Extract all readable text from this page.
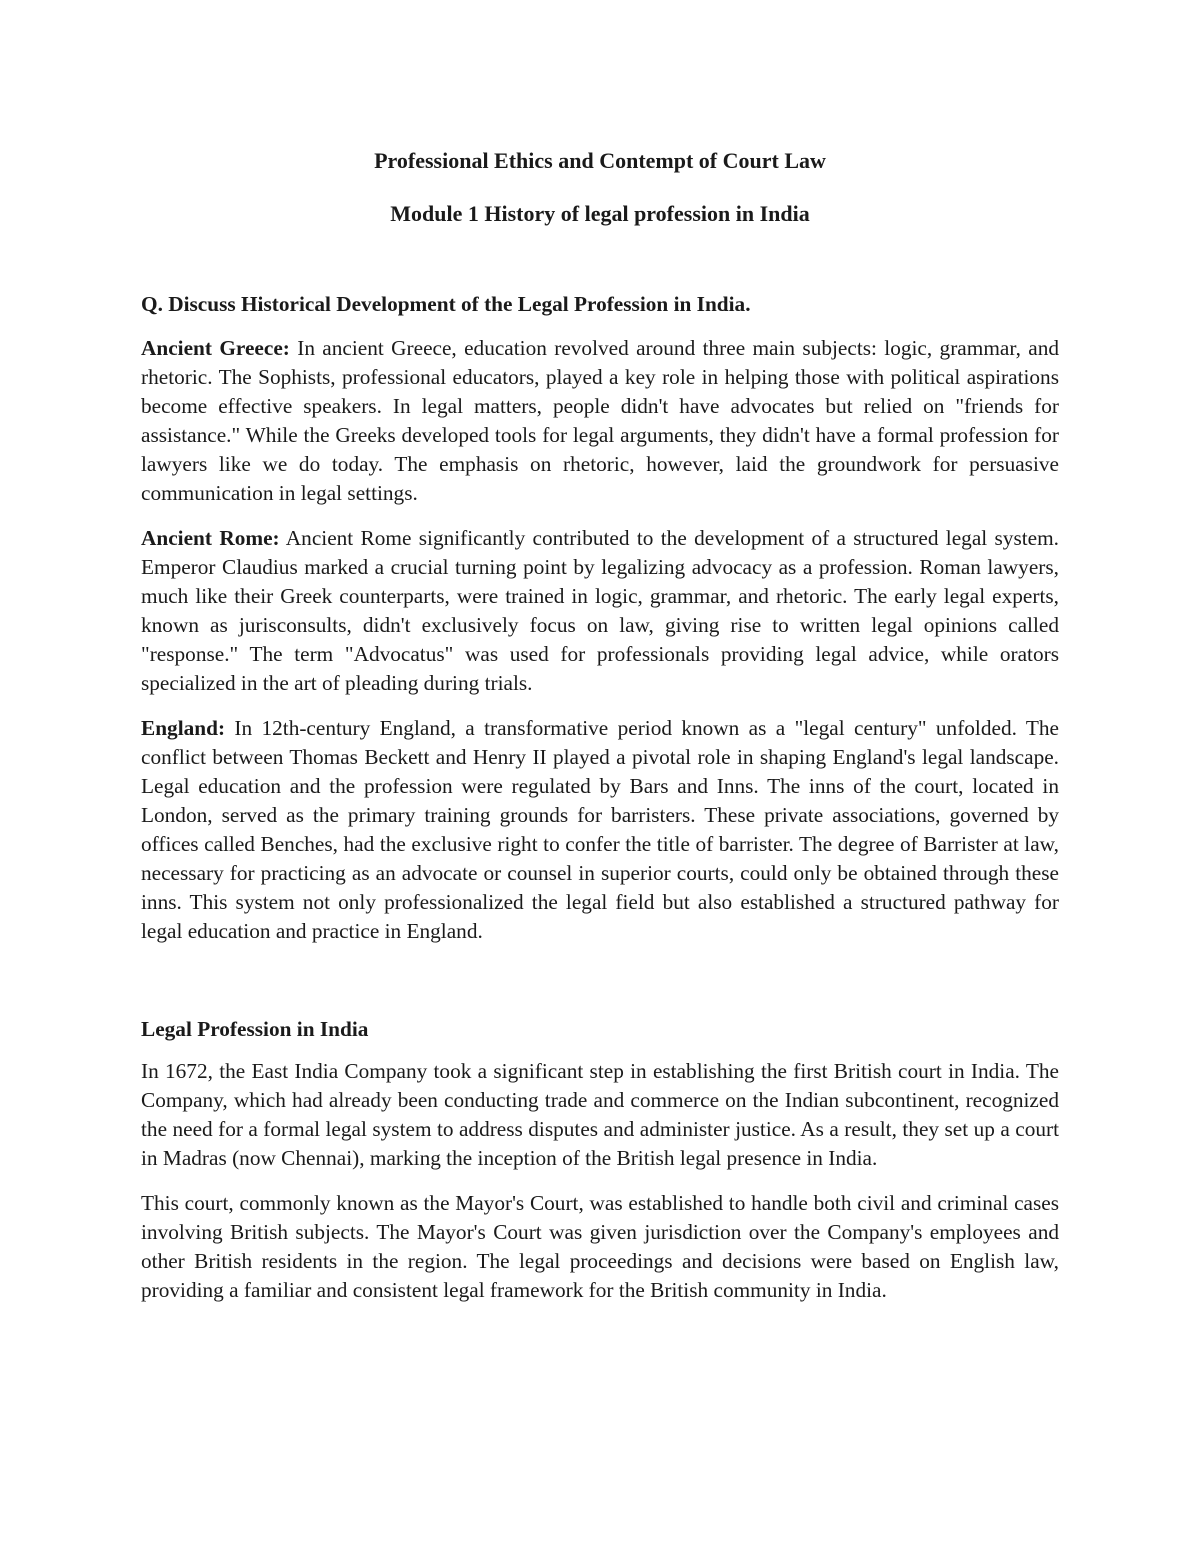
Professional Ethics and Contempt of Court Law
Module 1 History of legal profession in India
Q. Discuss Historical Development of the Legal Profession in India.

Ancient Greece: In ancient Greece, education revolved around three main subjects: logic, grammar, and rhetoric. The Sophists, professional educators, played a key role in helping those with political aspirations become effective speakers. In legal matters, people didn't have advocates but relied on "friends for assistance." While the Greeks developed tools for legal arguments, they didn't have a formal profession for lawyers like we do today. The emphasis on rhetoric, however, laid the groundwork for persuasive communication in legal settings.

Ancient Rome: Ancient Rome significantly contributed to the development of a structured legal system. Emperor Claudius marked a crucial turning point by legalizing advocacy as a profession. Roman lawyers, much like their Greek counterparts, were trained in logic, grammar, and rhetoric. The early legal experts, known as jurisconsults, didn't exclusively focus on law, giving rise to written legal opinions called "response." The term "Advocatus" was used for professionals providing legal advice, while orators specialized in the art of pleading during trials.

England: In 12th-century England, a transformative period known as a "legal century" unfolded. The conflict between Thomas Beckett and Henry II played a pivotal role in shaping England's legal landscape. Legal education and the profession were regulated by Bars and Inns. The inns of the court, located in London, served as the primary training grounds for barristers. These private associations, governed by offices called Benches, had the exclusive right to confer the title of barrister. The degree of Barrister at law, necessary for practicing as an advocate or counsel in superior courts, could only be obtained through these inns. This system not only professionalized the legal field but also established a structured pathway for legal education and practice in England.

Legal Profession in India

In 1672, the East India Company took a significant step in establishing the first British court in India. The Company, which had already been conducting trade and commerce on the Indian subcontinent, recognized the need for a formal legal system to address disputes and administer justice. As a result, they set up a court in Madras (now Chennai), marking the inception of the British legal presence in India.

This court, commonly known as the Mayor's Court, was established to handle both civil and criminal cases involving British subjects. The Mayor's Court was given jurisdiction over the Company's employees and other British residents in the region. The legal proceedings and decisions were based on English law, providing a familiar and consistent legal framework for the British community in India.
